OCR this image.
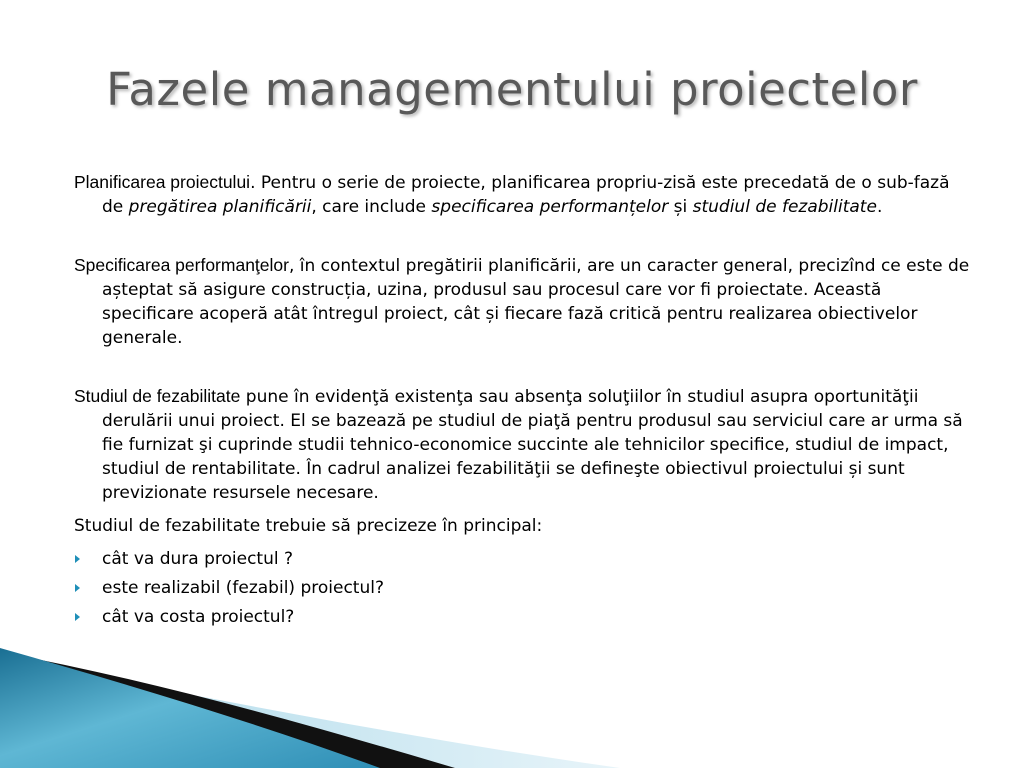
Fazele managementului proiectelor

Planificarea proiectului. Pentru o serie de proiecte, planificarea propriu-zisă este precedată de o sub-fază de pregătirea planificării, care include specificarea performanțelor și studiul de fezabilitate.

Specificarea performanţelor, în contextul pregătirii planificării, are un caracter general, precizînd ce este de așteptat să asigure construcția, uzina, produsul sau procesul care vor fi proiectate. Această specificare acoperă atât întregul proiect, cât și fiecare fază critică pentru realizarea obiectivelor generale.

Studiul de fezabilitate pune în evidenţă existenţa sau absenţa soluţiilor în studiul asupra oportunităţii derulării unui proiect. El se bazează pe studiul de piaţă pentru produsul sau serviciul care ar urma să fie furnizat şi cuprinde studii tehnico-economice succinte ale tehnicilor specifice, studiul de impact, studiul de rentabilitate. În cadrul analizei fezabilităţii se defineşte obiectivul proiectului și sunt previzionate resursele necesare.

Studiul de fezabilitate trebuie să precizeze în principal:

cât va dura proiectul ?

este realizabil (fezabil) proiectul?

cât va costa proiectul?
